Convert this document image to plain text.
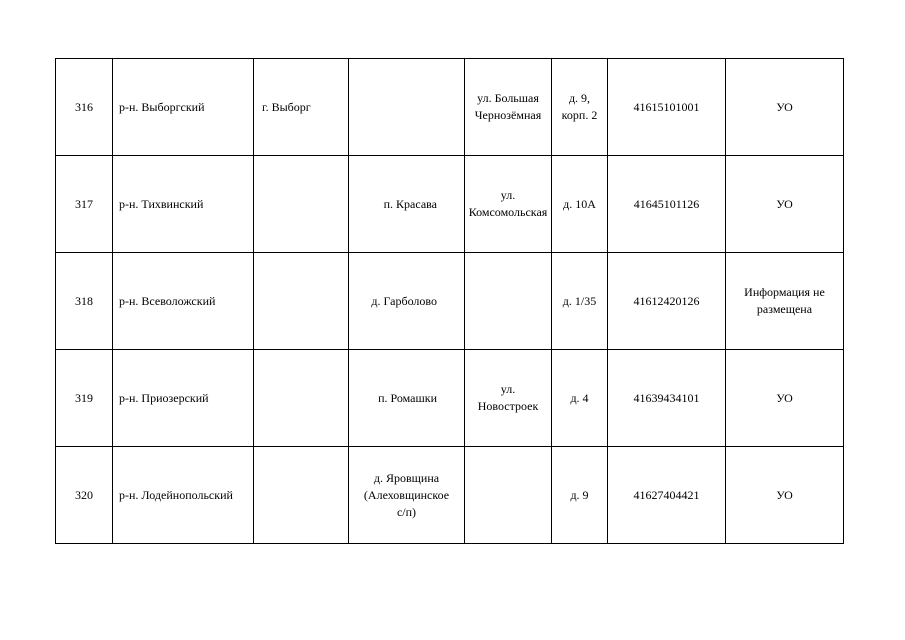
316	р-н. Выборгский	г. Выборг		ул. Большая
Чернозёмная	д. 9,
корп. 2	41615101001	УО
317	р-н. Тихвинский		п. Красава	ул.
Комсомольская	д. 10А	41645101126	УО
318	р-н. Всеволожский		д. Гарболово		д. 1/35	41612420126	Информация не
размещена
319	р-н. Приозерский		п. Ромашки	ул.
Новостроек	д. 4	41639434101	УО
320	р-н. Лодейнопольский		д. Яровщина
(Алеховщинское
с/п)		д. 9	41627404421	УО
